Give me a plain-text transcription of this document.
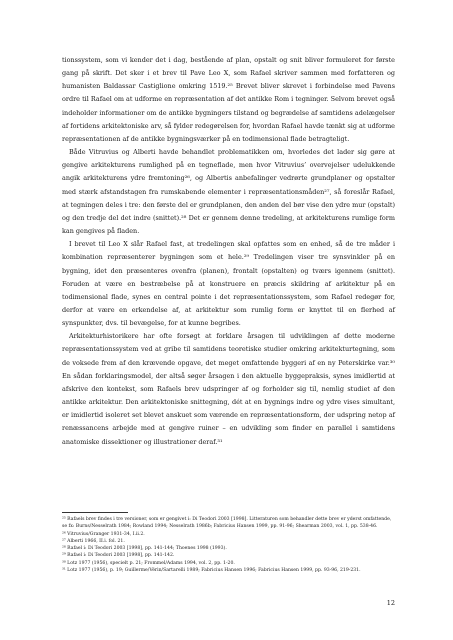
tionssystem, som vi kender det i dag, bestående af plan, opstalt og snit bliver formuleret for første gang på skrift. Det sker i et brev til Pave Leo X, som Rafael skriver sammen med forfatteren og humanisten Baldassar Castiglione omkring 1519.²⁵ Brevet bliver skrevet i forbindelse med Pavens ordre til Rafael om at udforme en repræsentation af det antikke Rom i tegninger. Selvom brevet også indeholder informationer om de antikke bygningers tilstand og begrædelse af samtidens adelægelser af fortidens arkitektoniske arv, så fylder redegørelsen for, hvordan Rafael havde tænkt sig at udforme repræsentationen af de antikke bygningsværker på en todimensional flade betragteligt.

Både Vitruvius og Alberti havde behandlet problematikken om, hvorledes det lader sig gøre at gengive arkitekturens rumlighed på en tegneflade, men hvor Vitruvius’ overvejelser udelukkende angik arkitekturens ydre fremtoning²⁶, og Albertis anbefalinger vedrørte grundplaner og opstalter med stærk afstandstagen fra rumskabende elementer i repræsentationsmåden²⁷, så foreslår Rafael, at tegningen deles i tre: den første del er grundplanen, den anden del bør vise den ydre mur (opstalt) og den tredje del det indre (snittet).²⁸ Det er gennem denne tredeling, at arkitekturens rumlige form kan gengives på fladen.

I brevet til Leo X slår Rafael fast, at tredelingen skal opfattes som en enhed, så de tre måder i kombination repræsenterer bygningen som et hele.²⁹ Tredelingen viser tre synsvinkler på en bygning, idet den præsenteres ovenfra (planen), frontalt (opstalten) og tværs igennem (snittet). Foruden at være en bestræbelse på at konstruere en præcis skildring af arkitektur på en todimensional flade, synes en central pointe i det repræsentationssystem, som Rafael redegør for, derfor at være en erkendelse af, at arkitektur som rumlig form er knyttet til en flerhed af synspunkter, dvs. til bevægelse, for at kunne begribes.

Arkitekturhistorikere har ofte forsøgt at forklare årsagen til udviklingen af dette moderne repræsentationssystem ved at gribe til samtidens teoretiske studier omkring arkitekturtegning, som de voksede frem af den krævende opgave, det meget omfattende byggeri af en ny Peterskirke var.³⁰ En sådan forklaringsmodel, der altså søger årsagen i den aktuelle byggepraksis, synes imidlertid at afskrive den kontekst, som Rafaels brev udspringer af og forholder sig til, nemlig studiet af den antikke arkitektur. Den arkitektoniske snittegning, dét at en bygnings indre og ydre vises simultant, er imidlertid isoleret set blevet anskuet som værende en repræsentationsform, der udspring netop af renæssancens arbejde med at gengive ruiner – en udvikling som finder en parallel i samtidens anatomiske dissektioner og illustrationer deraf.³¹

²⁵ Rafaels brev findes i tre versioner, som er gengivet i: Di Teodori 2003 [1998]. Litteraturen som behandler dette brev er yderst omfattende, se fx: Burns/Nesselrath 1984; Rowland 1994; Nesselrath 1986b; Fabricius Hansen 1999, pp. 91-96; Shearman 2003, vol. 1, pp. 538-46.

²⁶ Vitruvius/Granger 1931-34, I.ii.2.

²⁷ Alberti 1966, II.i. fol. 21.

²⁸ Rafael i: Di Teodori 2003 [1998], pp. 141-144; Thoenes 1998 (1993).

²⁹ Rafael i: Di Teodori 2003 [1998], pp. 141-142.

³⁰ Lotz 1977 (1956), specielt p. 21; Frommel/Adams 1994, vol. 2, pp. 1-20.

³¹ Lotz 1977 (1956), p. 19; Guillerme/Vérin/Sartarelli 1989; Fabricius Hansen 1996; Fabricius Hansen 1999, pp. 93-96, 219-231.

12
